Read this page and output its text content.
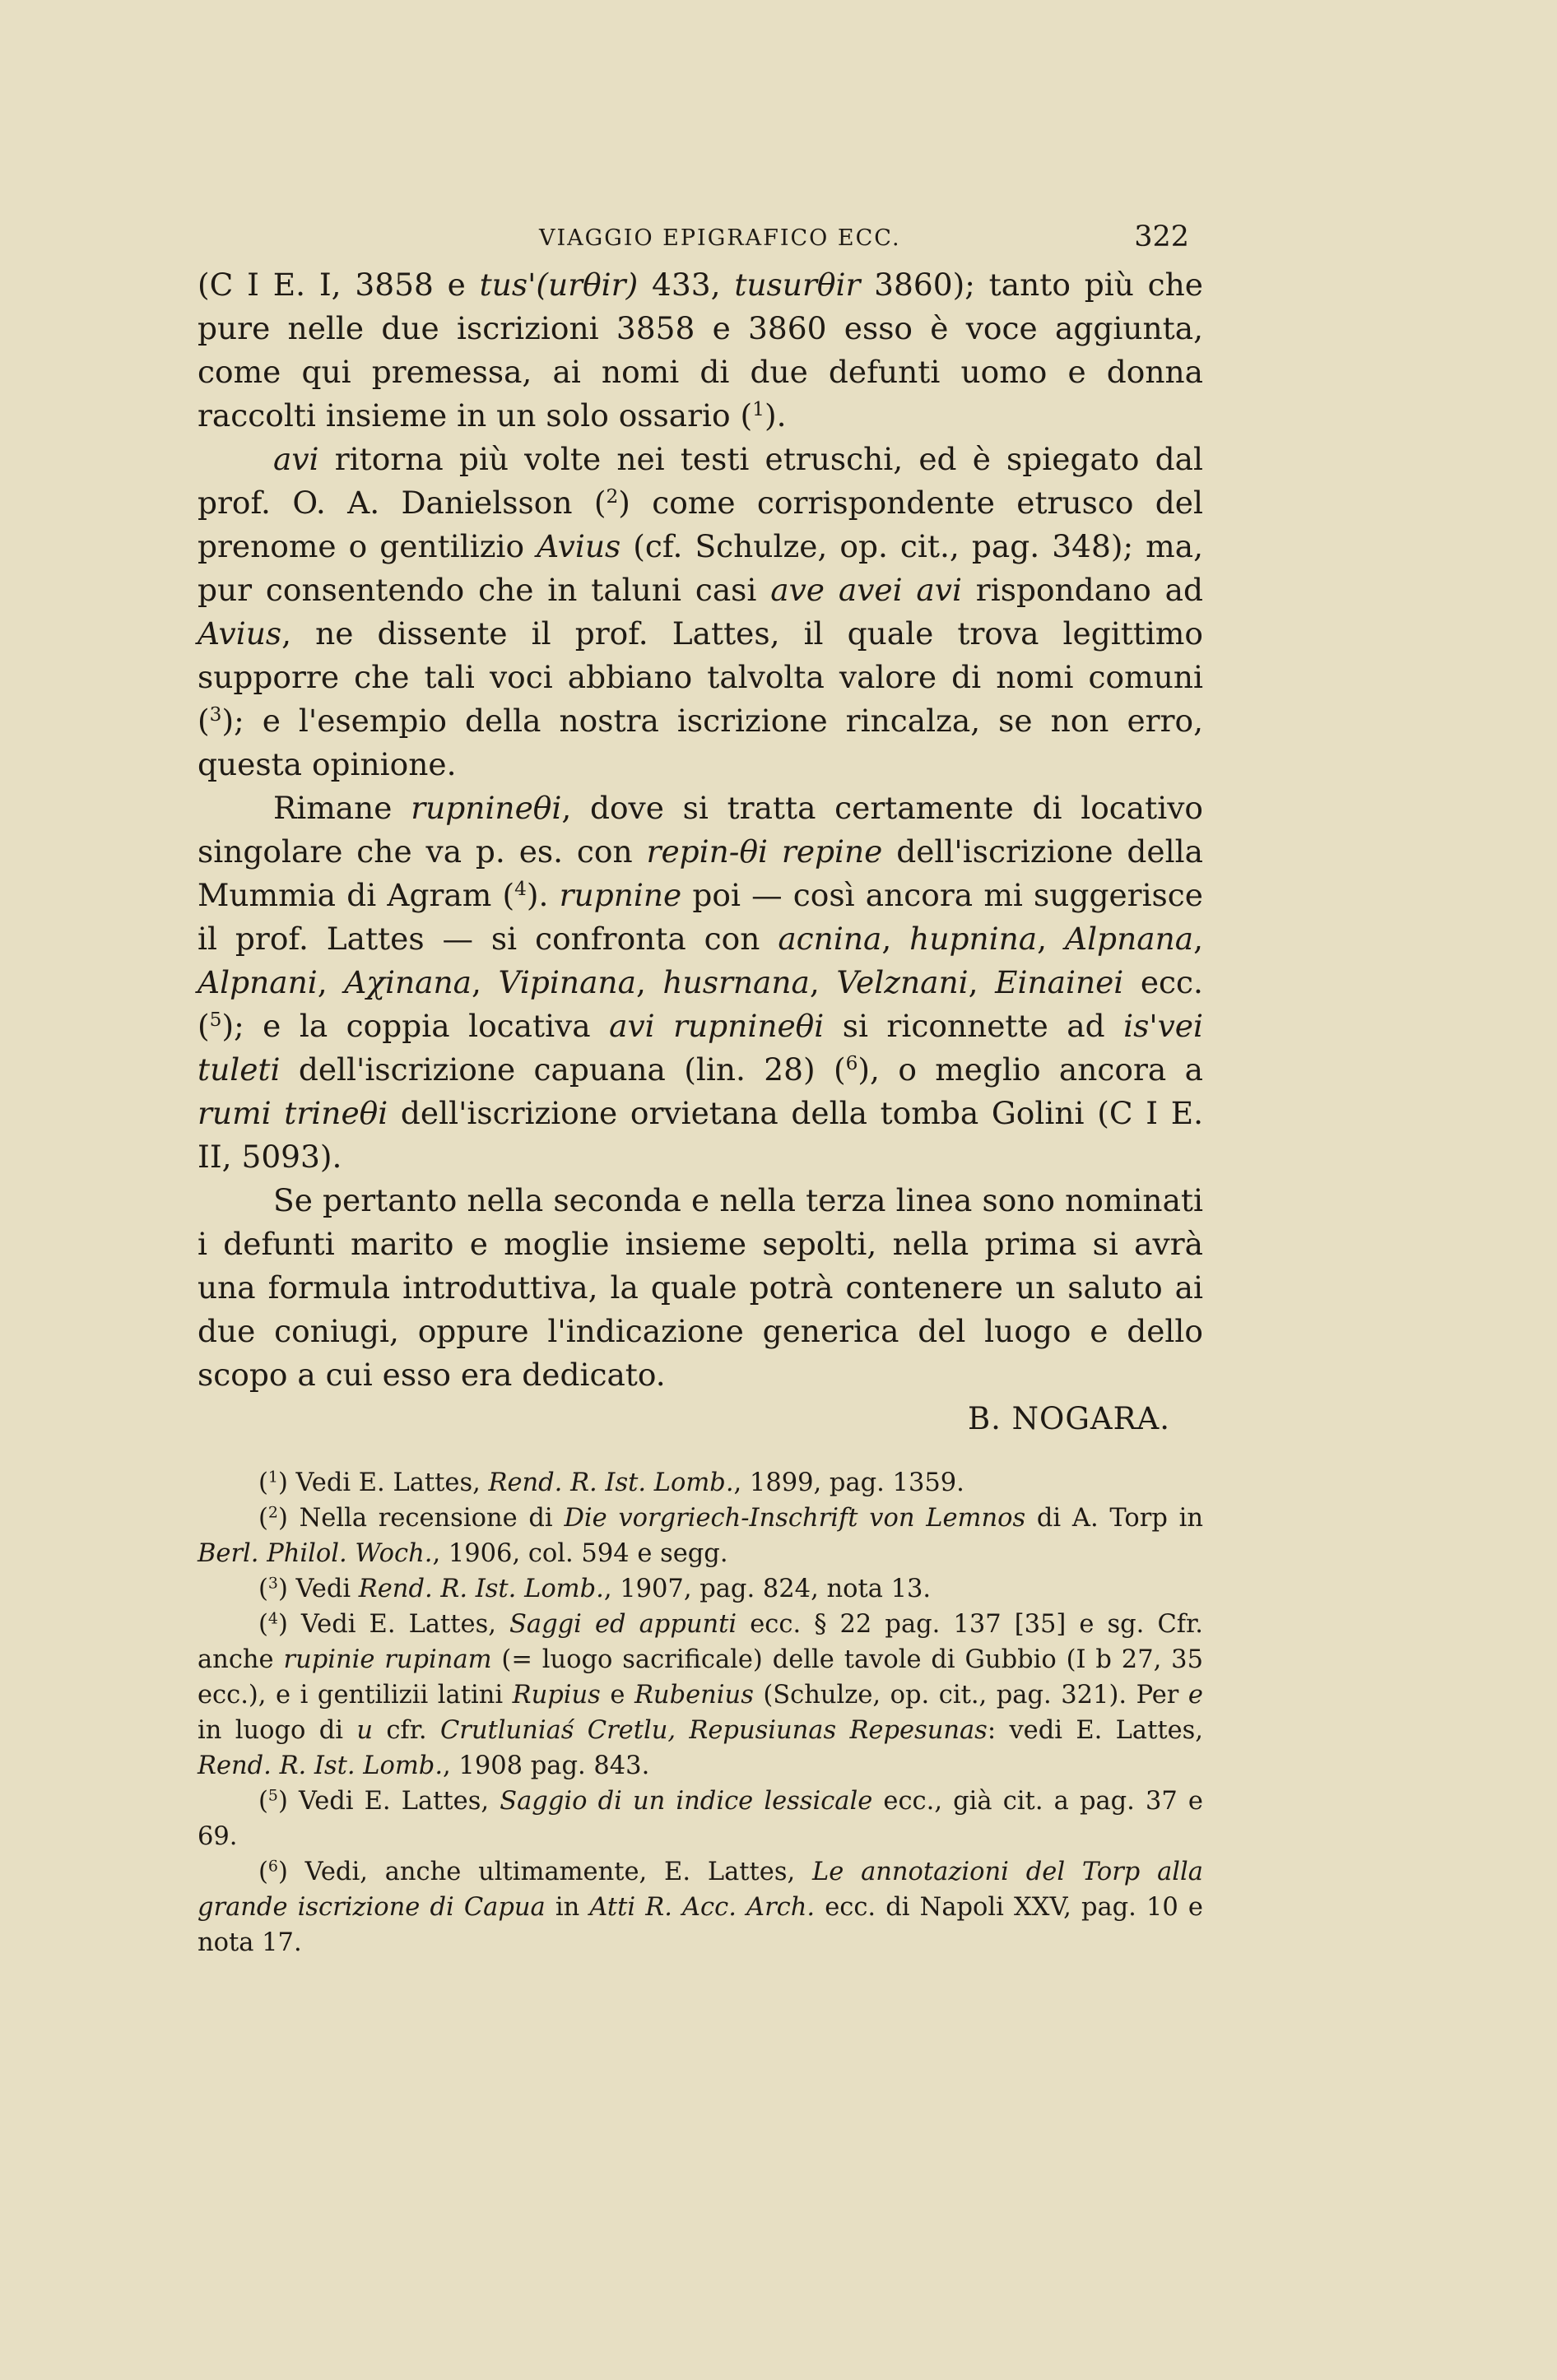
VIAGGIO EPIGRAFICO ECC.	322

(C I E. I, 3858 e tus'(urθir) 433, tusurθir 3860); tanto più che pure nelle due iscrizioni 3858 e 3860 esso è voce aggiunta, come qui premessa, ai nomi di due defunti uomo e donna raccolti insieme in un solo ossario ($^1$).

avi ritorna più volte nei testi etruschi, ed è spiegato dal prof. O. A. Danielsson ($^2$) come corrispondente etrusco del prenome o gentilizio Avius (cf. Schulze, op. cit., pag. 348); ma, pur consentendo che in taluni casi ave avei avi rispondano ad Avius, ne dissente il prof. Lattes, il quale trova legittimo supporre che tali voci abbiano talvolta valore di nomi comuni ($^3$); e l'esempio della nostra iscrizione rincalza, se non erro, questa opinione.

Rimane rupnineθi, dove si tratta certamente di locativo singolare che va p. es. con repin-θi repine dell'iscrizione della Mummia di Agram ($^4$). rupnine poi — così ancora mi suggerisce il prof. Lattes — si confronta con acnina, hupnina, Alpnana, Alpnani, Aχinana, Vipinana, husrnana, Velznani, Einainei ecc. ($^5$); e la coppia locativa avi rupnineθi si riconnette ad is'vei tuleti dell'iscrizione capuana (lin. 28) ($^6$), o meglio ancora a rumi trineθi dell'iscrizione orvietana della tomba Golini (C I E. II, 5093).

Se pertanto nella seconda e nella terza linea sono nominati i defunti marito e moglie insieme sepolti, nella prima si avrà una formula introduttiva, la quale potrà contenere un saluto ai due coniugi, oppure l'indicazione generica del luogo e dello scopo a cui esso era dedicato.

B. NOGARA.
($^1$) Vedi E. Lattes, Rend. R. Ist. Lomb., 1899, pag. 1359.
($^2$) Nella recensione di Die vorgriech-Inschrift von Lemnos di A. Torp in Berl. Philol. Woch., 1906, col. 594 e segg.
($^3$) Vedi Rend. R. Ist. Lomb., 1907, pag. 824, nota 13.
($^4$) Vedi E. Lattes, Saggi ed appunti ecc. § 22 pag. 137 [35] e sg. Cfr. anche rupinie rupinam (= luogo sacrificale) delle tavole di Gubbio (I b 27, 35 ecc.), e i gentilizii latini Rupius e Rubenius (Schulze, op. cit., pag. 321). Per e in luogo di u cfr. Crutluniaś Cretlu, Repusiunas Repesunas: vedi E. Lattes, Rend. R. Ist. Lomb., 1908 pag. 843.
($^5$) Vedi E. Lattes, Saggio di un indice lessicale ecc., già cit. a pag. 37 e 69.
($^6$) Vedi, anche ultimamente, E. Lattes, Le annotazioni del Torp alla grande iscrizione di Capua in Atti R. Acc. Arch. ecc. di Napoli XXV, pag. 10 e nota 17.
